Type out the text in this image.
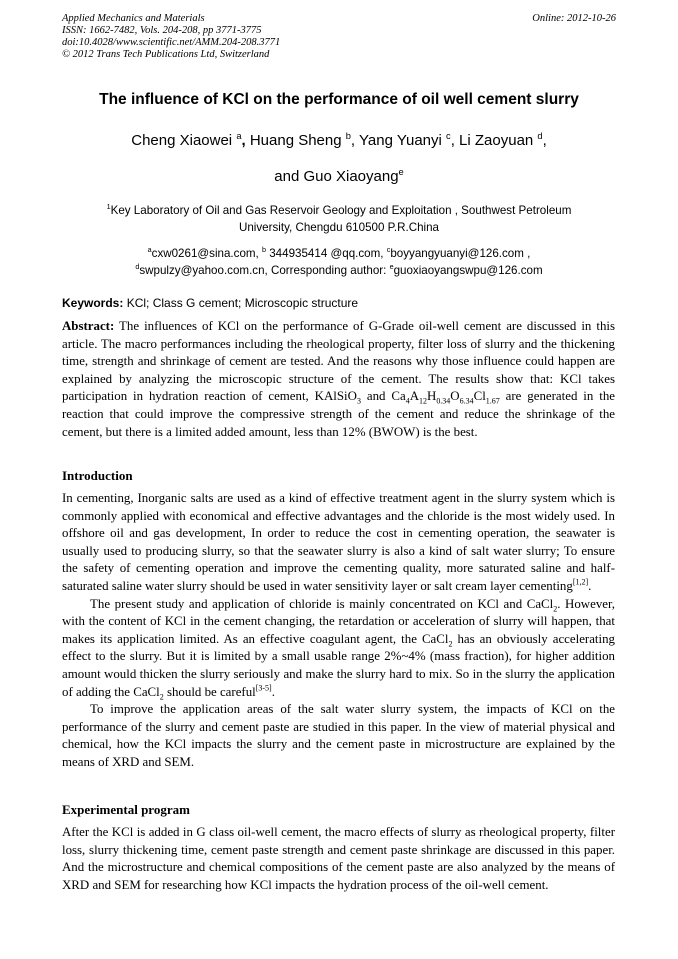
Applied Mechanics and Materials
ISSN: 1662-7482, Vols. 204-208, pp 3771-3775
doi:10.4028/www.scientific.net/AMM.204-208.3771
© 2012 Trans Tech Publications Ltd, Switzerland
Online: 2012-10-26
The influence of KCl on the performance of oil well cement slurry
Cheng Xiaowei $^a$, Huang Sheng $^b$, Yang Yuanyi $^c$, Li Zaoyuan $^d$,
and Guo Xiaoyang$^e$
$^1$Key Laboratory of Oil and Gas Reservoir Geology and Exploitation , Southwest Petroleum
University, Chengdu 610500 P.R.China
$^a$cxw0261@sina.com, $^b$ 344935414 @qq.com, $^c$boyyangyuanyi@126.com ,
$^d$swpulzy@yahoo.com.cn, Corresponding author: $^e$guoxiaoyangswpu@126.com
Keywords: KCl; Class G cement; Microscopic structure

Abstract: The influences of KCl on the performance of G-Grade oil-well cement are discussed in this article. The macro performances including the rheological property, filter loss of slurry and the thickening time, strength and shrinkage of cement are tested. And the reasons why those influence could happen are explained by analyzing the microscopic structure of the cement. The results show that: KCl takes participation in hydration reaction of cement, KAlSiO$_3$ and $Ca_4A_{12}H_{0.34}O_{6.34}Cl_{1.67}$ are generated in the reaction that could improve the compressive strength of the cement and reduce the shrinkage of the cement, but there is a limited added amount, less than 12% (BWOW) is the best.

Introduction

In cementing, Inorganic salts are used as a kind of effective treatment agent in the slurry system which is commonly applied with economical and effective advantages and the chloride is the most widely used. In offshore oil and gas development, In order to reduce the cost in cementing operation, the seawater is usually used to producing slurry, so that the seawater slurry is also a kind of salt water slurry; To ensure the safety of cementing operation and improve the cementing quality, more saturated saline and half-saturated saline water slurry should be used in water sensitivity layer or salt cream layer cementing[1,2].

The present study and application of chloride is mainly concentrated on KCl and CaCl$_2$. However, with the content of KCl in the cement changing, the retardation or acceleration of slurry will happen, that makes its application limited. As an effective coagulant agent, the CaCl$_2$ has an obviously accelerating effect to the slurry. But it is limited by a small usable range 2%~4% (mass fraction), for higher addition amount would thicken the slurry seriously and make the slurry hard to mix. So in the slurry the application of adding the CaCl$_2$ should be careful[3-5].

To improve the application areas of the salt water slurry system, the impacts of KCl on the performance of the slurry and cement paste are studied in this paper. In the view of material physical and chemical, how the KCl impacts the slurry and the cement paste in microstructure are explained by the means of XRD and SEM.

Experimental program

After the KCl is added in G class oil-well cement, the macro effects of slurry as rheological property, filter loss, slurry thickening time, cement paste strength and cement paste shrinkage are discussed in this paper. And the microstructure and chemical compositions of the cement paste are also analyzed by the means of XRD and SEM for researching how KCl impacts the hydration process of the oil-well cement.
